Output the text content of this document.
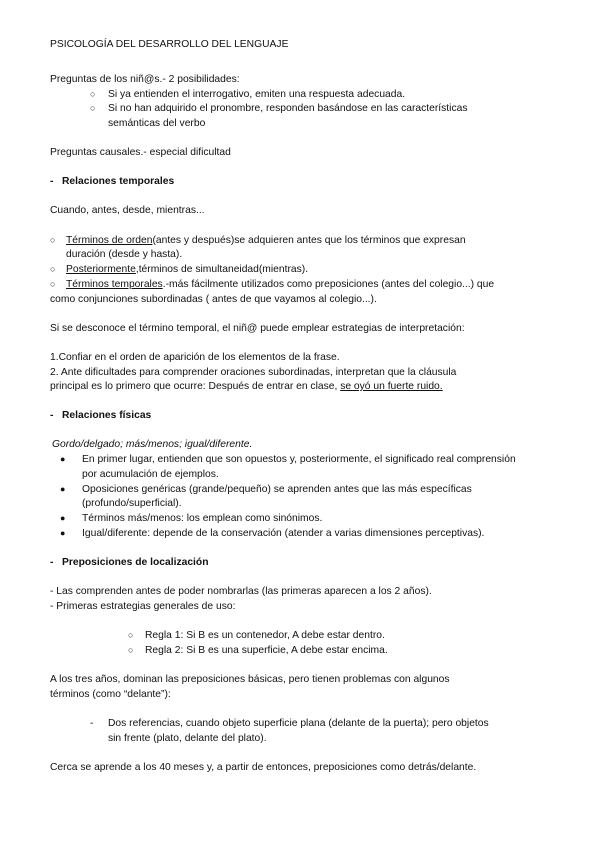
PSICOLOGÍA DEL DESARROLLO DEL LENGUAJE
Preguntas de los niñ@s.- 2 posibilidades:
○ Si ya entienden el interrogativo, emiten una respuesta adecuada.
○ Si no han adquirido el pronombre, responden basándose en las características
semánticas del verbo
Preguntas causales.- especial dificultad
- Relaciones temporales
Cuando, antes, desde, mientras...
○ Términos de orden(antes y después)se adquieren antes que los términos que expresan
duración (desde y hasta).
○ Posteriormente,términos de simultaneidad(mientras).
○ Términos temporales.-más fácilmente utilizados como preposiciones (antes del colegio...) que
como conjunciones subordinadas ( antes de que vayamos al colegio...).
Si se desconoce el término temporal, el niñ@ puede emplear estrategias de interpretación:
1.Confiar en el orden de aparición de los elementos de la frase.
2. Ante dificultades para comprender oraciones subordinadas, interpretan que la cláusula
principal es lo primero que ocurre: Después de entrar en clase, se oyó un fuerte ruido.
- Relaciones físicas
Gordo/delgado; más/menos; igual/diferente.
● En primer lugar, entienden que son opuestos y, posteriormente, el significado real comprensión
por acumulación de ejemplos.
● Oposiciones genéricas (grande/pequeño) se aprenden antes que las más específicas
(profundo/superficial).
● Términos más/menos: los emplean como sinónimos.
● Igual/diferente: depende de la conservación (atender a varias dimensiones perceptivas).
- Preposiciones de localización
- Las comprenden antes de poder nombrarlas (las primeras aparecen a los 2 años).
- Primeras estrategias generales de uso:
○ Regla 1: Si B es un contenedor, A debe estar dentro.
○ Regla 2: Si B es una superficie, A debe estar encima.
A los tres años, dominan las preposiciones básicas, pero tienen problemas con algunos
términos (como “delante”):
- Dos referencias, cuando objeto superficie plana (delante de la puerta); pero objetos
sin frente (plato, delante del plato).
Cerca se aprende a los 40 meses y, a partir de entonces, preposiciones como detrás/delante.
